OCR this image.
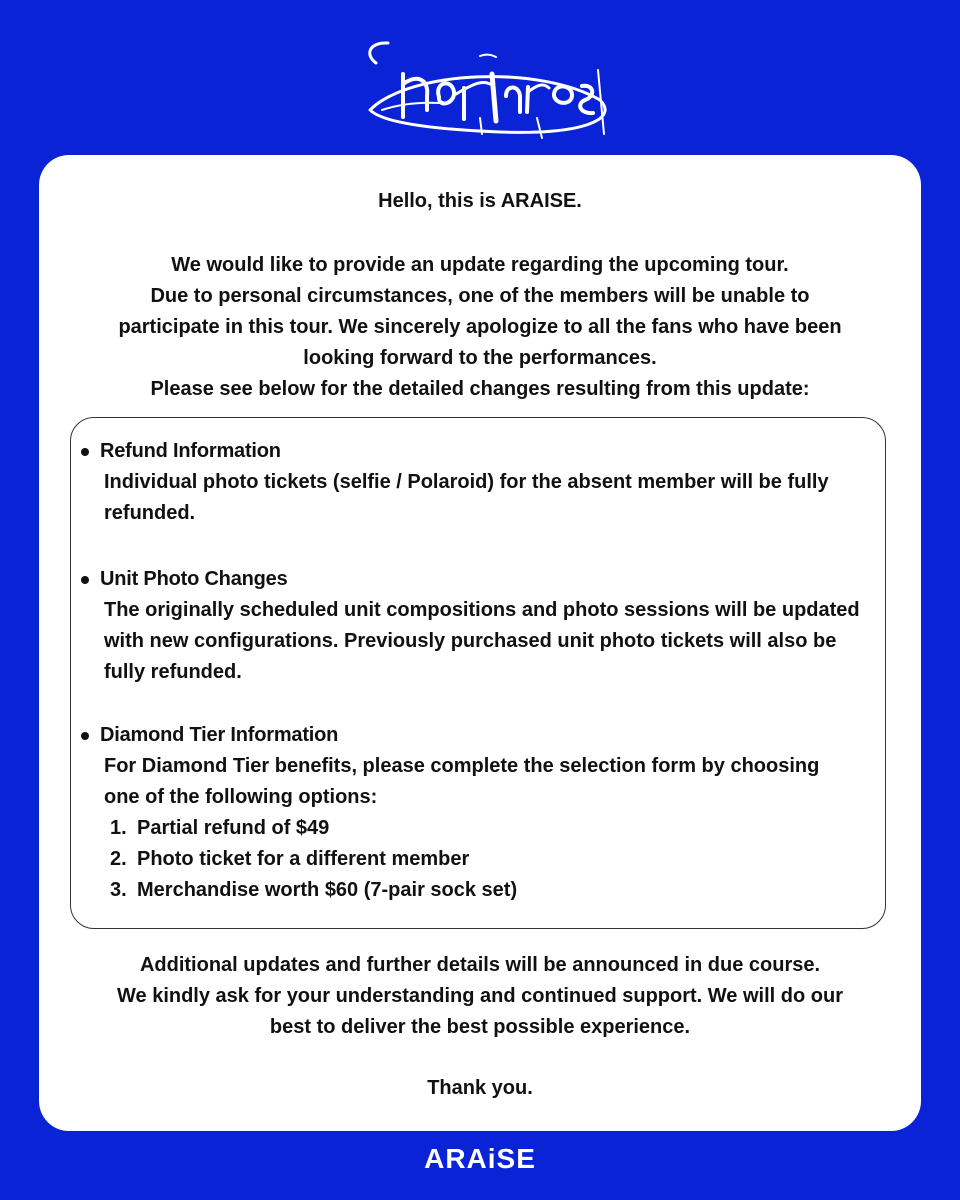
Hello, this is ARAISE.

We would like to provide an update regarding the upcoming tour.
Due to personal circumstances, one of the members will be unable to
participate in this tour. We sincerely apologize to all the fans who have been
looking forward to the performances.
Please see below for the detailed changes resulting from this update:
Refund Information
Individual photo tickets (selfie / Polaroid) for the absent member will be fully
refunded.
Unit Photo Changes
The originally scheduled unit compositions and photo sessions will be updated
with new configurations. Previously purchased unit photo tickets will also be
fully refunded.
Diamond Tier Information
For Diamond Tier benefits, please complete the selection form by choosing
one of the following options:
1. Partial refund of $49
2. Photo ticket for a different member
3. Merchandise worth $60 (7-pair sock set)
Additional updates and further details will be announced in due course.
We kindly ask for your understanding and continued support. We will do our
best to deliver the best possible experience.

Thank you.

ARAiSE
